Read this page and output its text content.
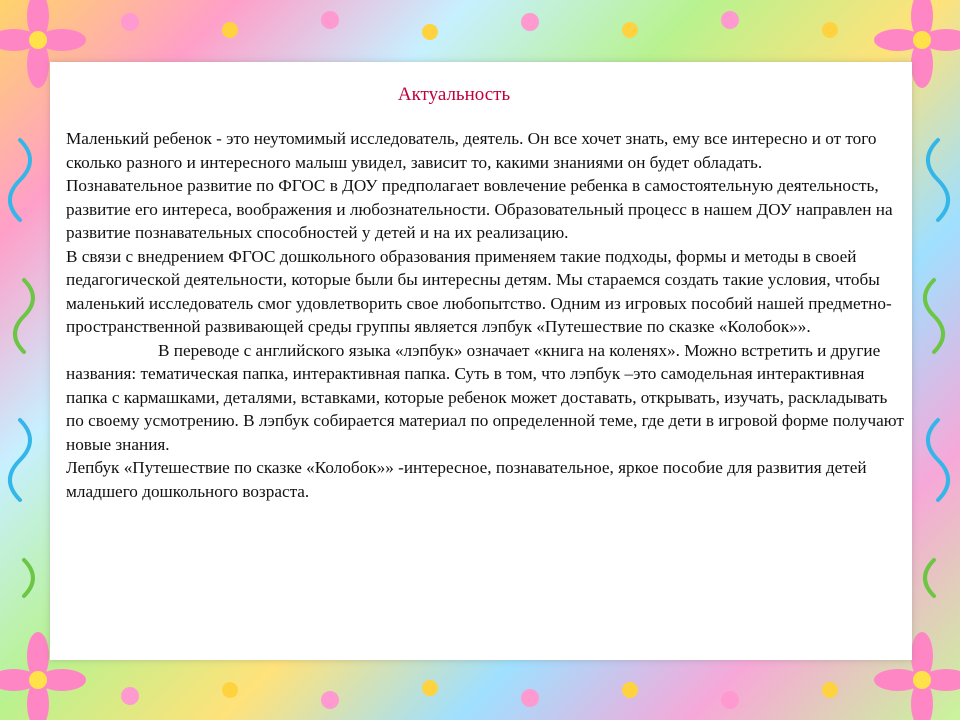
Актуальность

Маленький ребенок - это неутомимый исследователь, деятель. Он все хочет знать, ему все интересно и от того сколько разного и интересного малыш увидел, зависит то, какими знаниями он будет обладать.

Познавательное развитие по ФГОС в ДОУ предполагает вовлечение ребенка в самостоятельную деятельность, развитие его интереса, воображения и любознательности. Образовательный процесс в нашем ДОУ направлен на развитие познавательных способностей у детей и на их реализацию.

В связи с внедрением ФГОС дошкольного образования применяем такие подходы, формы и методы в своей педагогической деятельности, которые были бы интересны детям. Мы стараемся создать такие условия, чтобы маленький исследователь смог удовлетворить свое любопытство. Одним из игровых пособий нашей предметно-пространственной развивающей среды группы является лэпбук «Путешествие по сказке «Колобок»».

В переводе с английского языка «лэпбук» означает «книга на коленях». Можно встретить и другие названия: тематическая папка, интерактивная папка. Суть в том, что лэпбук –это самодельная интерактивная папка с кармашками, деталями, вставками, которые ребенок может доставать, открывать, изучать, раскладывать по своему усмотрению. В лэпбук собирается материал по определенной теме, где дети в игровой форме получают новые знания.

Лепбук «Путешествие по сказке «Колобок»» -интересное, познавательное, яркое пособие для развития детей младшего дошкольного возраста.
